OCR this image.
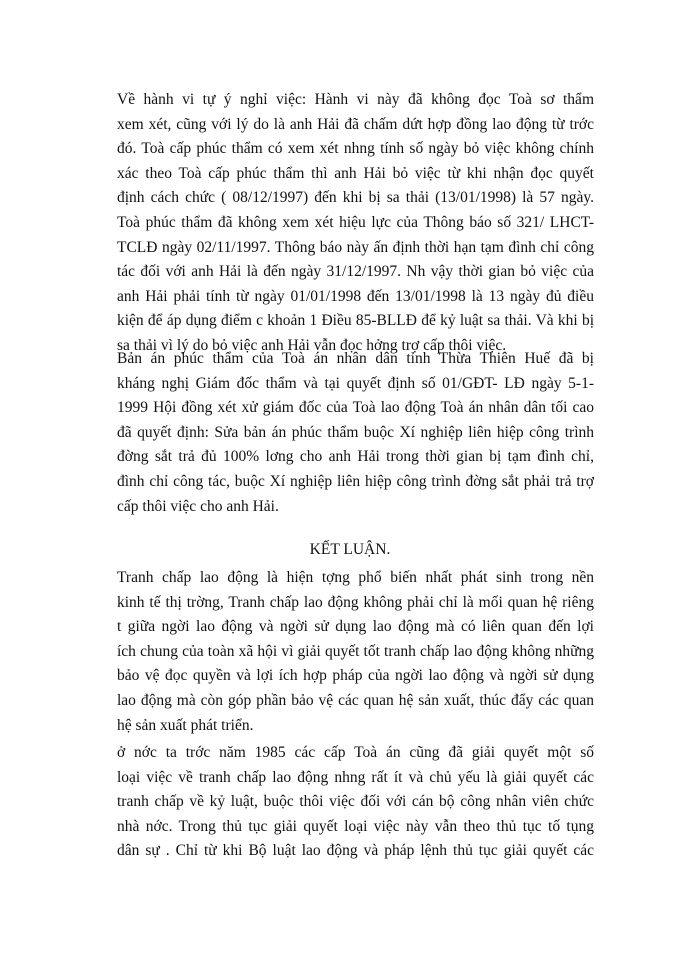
Về hành vi tự ý nghỉ việc: Hành vi này đã không đọc Toà sơ thẩm
xem xét, cũng với lý do là anh Hải đã chấm dứt hợp đồng lao động từ trớc
đó. Toà cấp phúc thẩm có xem xét nhng tính số ngày bỏ việc không chính
xác theo Toà cấp phúc thẩm thì anh Hải bỏ việc từ khi nhận đọc quyết
định cách chức ( 08/12/1997) đến khi bị sa thải (13/01/1998) là 57 ngày.
Toà phúc thẩm đã không xem xét hiệu lực của Thông báo số 321/ LHCT-
TCLĐ ngày 02/11/1997. Thông báo này ấn định thời hạn tạm đình chỉ công
tác đối với anh Hải là đến ngày 31/12/1997. Nh vậy thời gian bỏ việc của
anh Hải phải tính từ ngày 01/01/1998 đến 13/01/1998 là 13 ngày đủ điều
kiện để áp dụng điểm c khoản 1 Điều 85-BLLĐ để kỷ luật sa thải. Và khi bị
sa thải vì lý do bỏ việc anh Hải vẫn đọc hởng trợ cấp thôi việc.
Bản án phúc thẩm của Toà án nhân dân tỉnh Thừa Thiên Huế đã bị
kháng nghị Giám đốc thẩm và tại quyết định số 01/GĐT- LĐ ngày 5-1-
1999 Hội đồng xét xử giám đốc của Toà lao động Toà án nhân dân tối cao
đã quyết định: Sửa bản án phúc thẩm buộc Xí nghiệp liên hiệp công trình
đờng sắt trả đủ 100% lơng cho anh Hải trong thời gian bị tạm đình chỉ,
đình chỉ công tác, buộc Xí nghiệp liên hiệp công trình đờng sắt phải trả trợ
cấp thôi việc cho anh Hải.
KẾT LUẬN.
Tranh chấp lao động là hiện tợng phổ biến nhất phát sinh trong nền
kinh tế thị trờng, Tranh chấp lao động không phải chỉ là mối quan hệ riêng
t giữa ngời lao động và ngời sử dụng lao động mà có liên quan đến lợi
ích chung của toàn xã hội vì giải quyết tốt tranh chấp lao động không những
bảo vệ đọc quyền và lợi ích hợp pháp của ngời lao động và ngời sử dụng
lao động mà còn góp phần bảo vệ các quan hệ sản xuất, thúc đẩy các quan
hệ sản xuất phát triển.
ở nớc ta trớc năm 1985 các cấp Toà án cũng đã giải quyết một số
loại việc về tranh chấp lao động nhng rất ít và chủ yếu là giải quyết các
tranh chấp về kỷ luật, buộc thôi việc đối với cán bộ công nhân viên chức
nhà nớc. Trong thủ tục giải quyết loại việc này vẫn theo thủ tục tố tụng
dân sự . Chỉ từ khi Bộ luật lao động và pháp lệnh thủ tục giải quyết các
